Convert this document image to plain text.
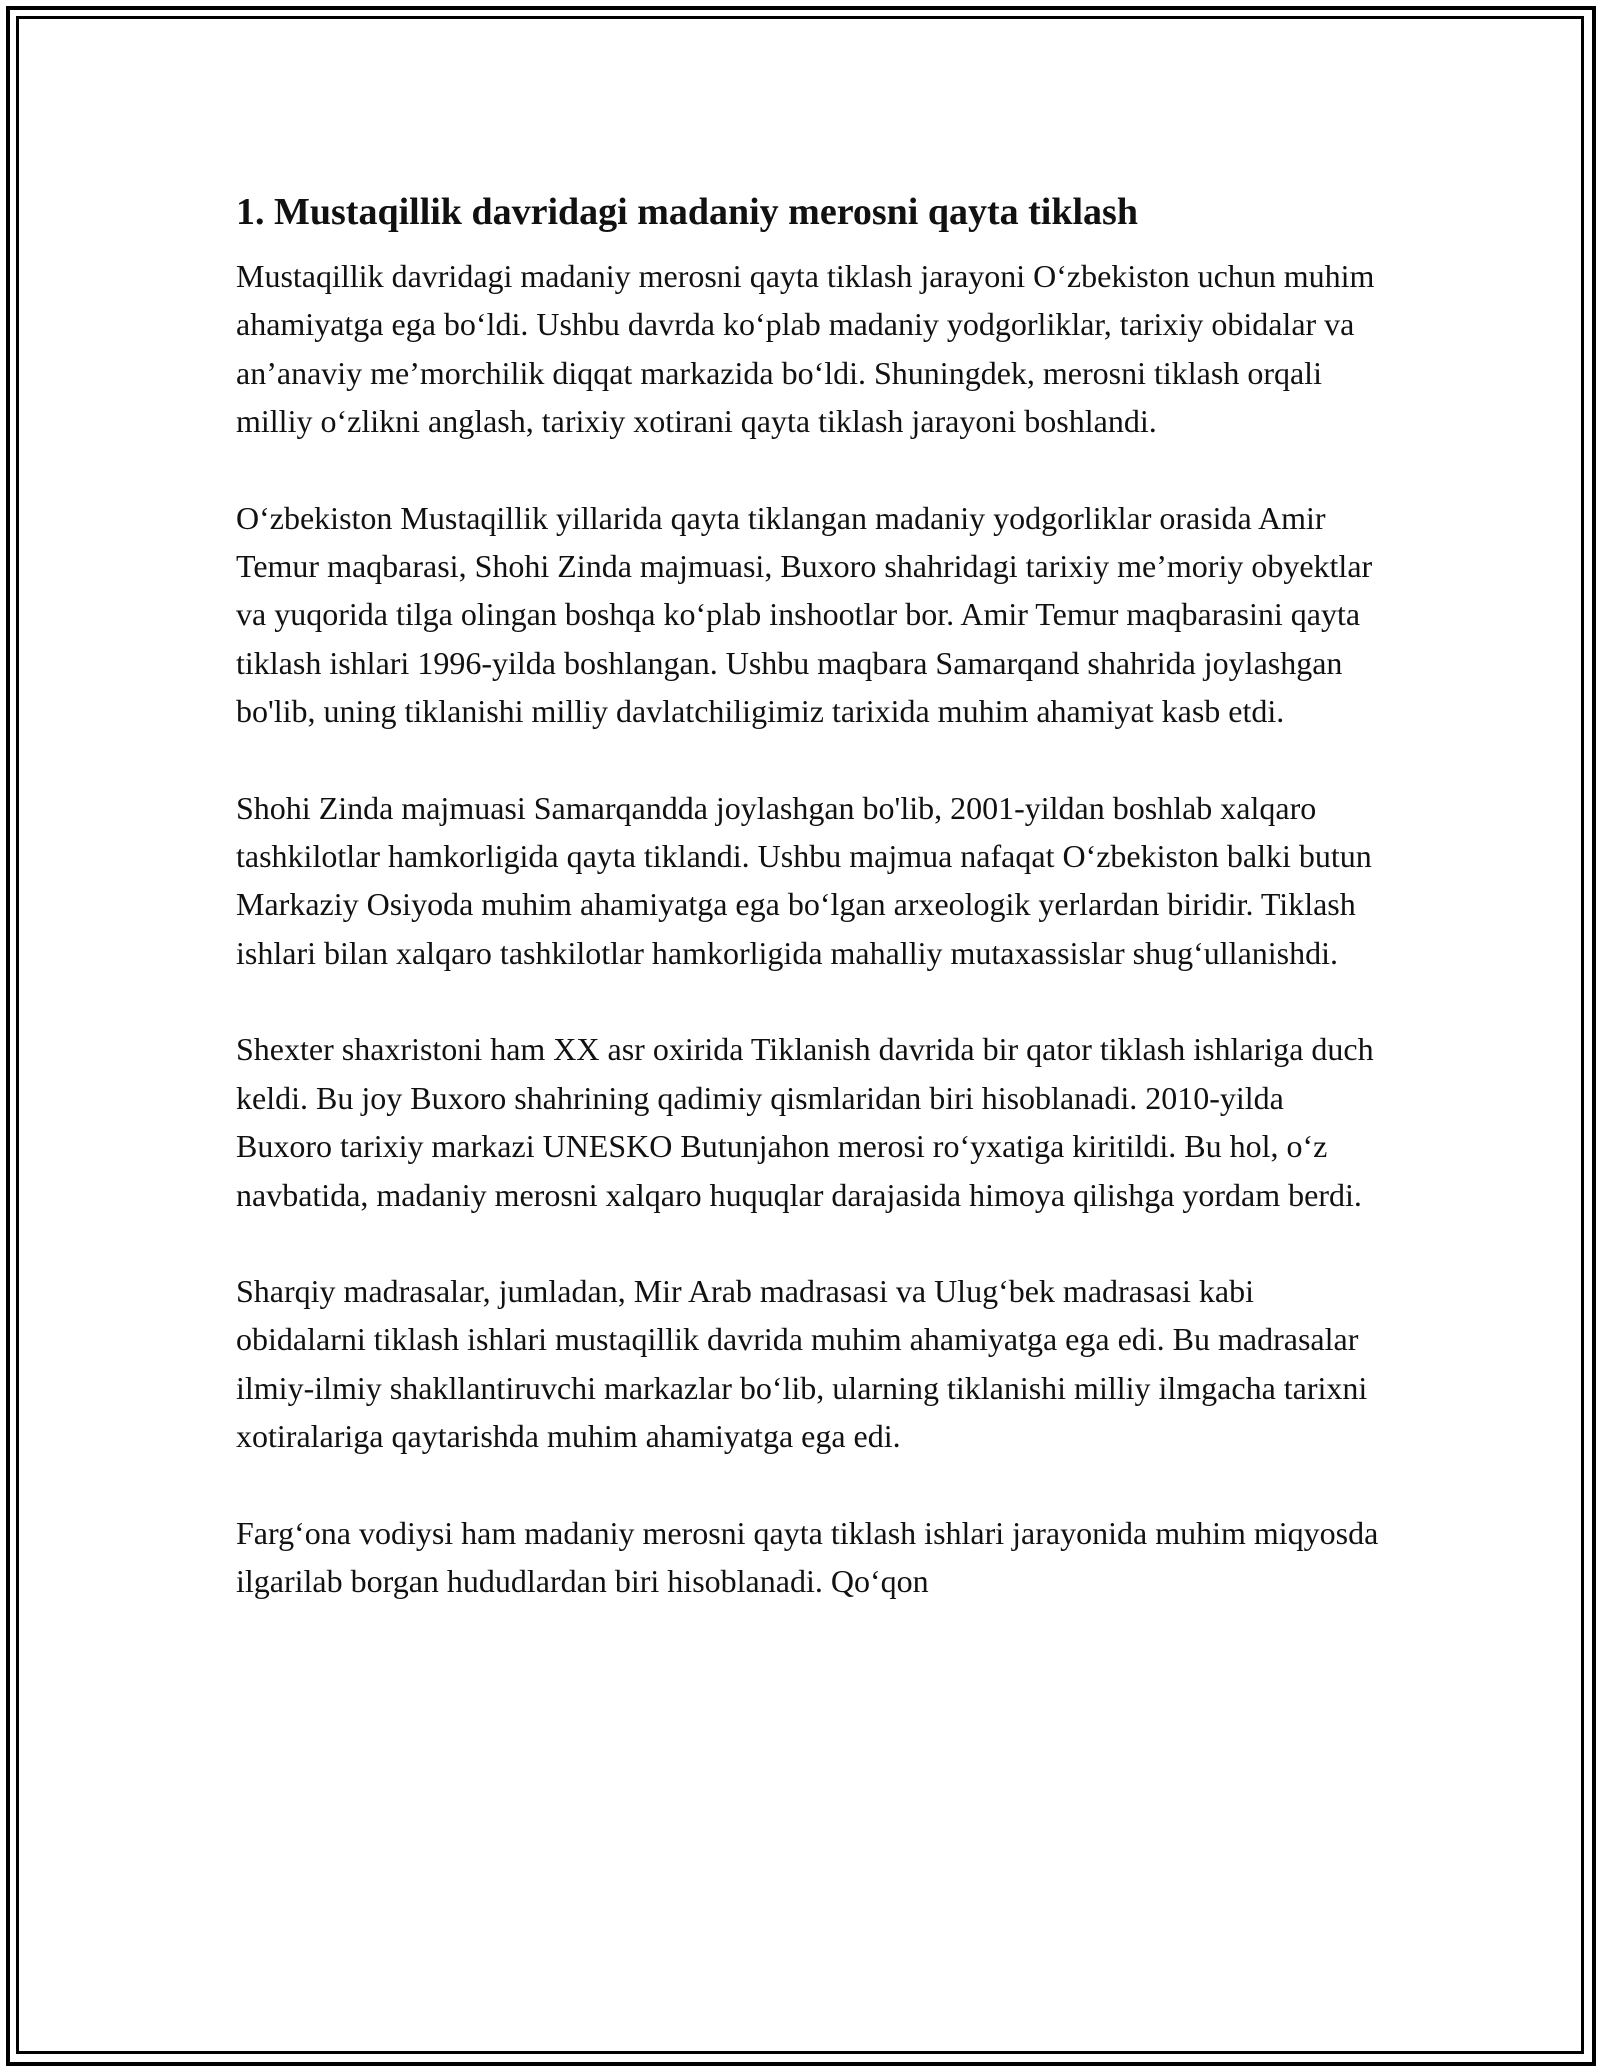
1. Mustaqillik davridagi madaniy merosni qayta tiklash

Mustaqillik davridagi madaniy merosni qayta tiklash jarayoni O‘zbekiston uchun muhim ahamiyatga ega bo‘ldi. Ushbu davrda ko‘plab madaniy yodgorliklar, tarixiy obidalar va an’anaviy me’morchilik diqqat markazida bo‘ldi. Shuningdek, merosni tiklash orqali milliy o‘zlikni anglash, tarixiy xotirani qayta tiklash jarayoni boshlandi.

O‘zbekiston Mustaqillik yillarida qayta tiklangan madaniy yodgorliklar orasida Amir Temur maqbarasi, Shohi Zinda majmuasi, Buxoro shahridagi tarixiy me’moriy obyektlar va yuqorida tilga olingan boshqa ko‘plab inshootlar bor. Amir Temur maqbarasini qayta tiklash ishlari 1996-yilda boshlangan. Ushbu maqbara Samarqand shahrida joylashgan bo'lib, uning tiklanishi milliy davlatchiligimiz tarixida muhim ahamiyat kasb etdi.

Shohi Zinda majmuasi Samarqandda joylashgan bo'lib, 2001-yildan boshlab xalqaro tashkilotlar hamkorligida qayta tiklandi. Ushbu majmua nafaqat O‘zbekiston balki butun Markaziy Osiyoda muhim ahamiyatga ega bo‘lgan arxeologik yerlardan biridir. Tiklash ishlari bilan xalqaro tashkilotlar hamkorligida mahalliy mutaxassislar shug‘ullanishdi.

Shexter shaxristoni ham XX asr oxirida Tiklanish davrida bir qator tiklash ishlariga duch keldi. Bu joy Buxoro shahrining qadimiy qismlaridan biri hisoblanadi. 2010-yilda Buxoro tarixiy markazi UNESKO Butunjahon merosi ro‘yxatiga kiritildi. Bu hol, o‘z navbatida, madaniy merosni xalqaro huquqlar darajasida himoya qilishga yordam berdi.

Sharqiy madrasalar, jumladan, Mir Arab madrasasi va Ulug‘bek madrasasi kabi obidalarni tiklash ishlari mustaqillik davrida muhim ahamiyatga ega edi. Bu madrasalar ilmiy-ilmiy shakllantiruvchi markazlar bo‘lib, ularning tiklanishi milliy ilmgacha tarixni xotiralariga qaytarishda muhim ahamiyatga ega edi.

Farg‘ona vodiysi ham madaniy merosni qayta tiklash ishlari jarayonida muhim miqyosda ilgarilab borgan hududlardan biri hisoblanadi. Qo‘qon
